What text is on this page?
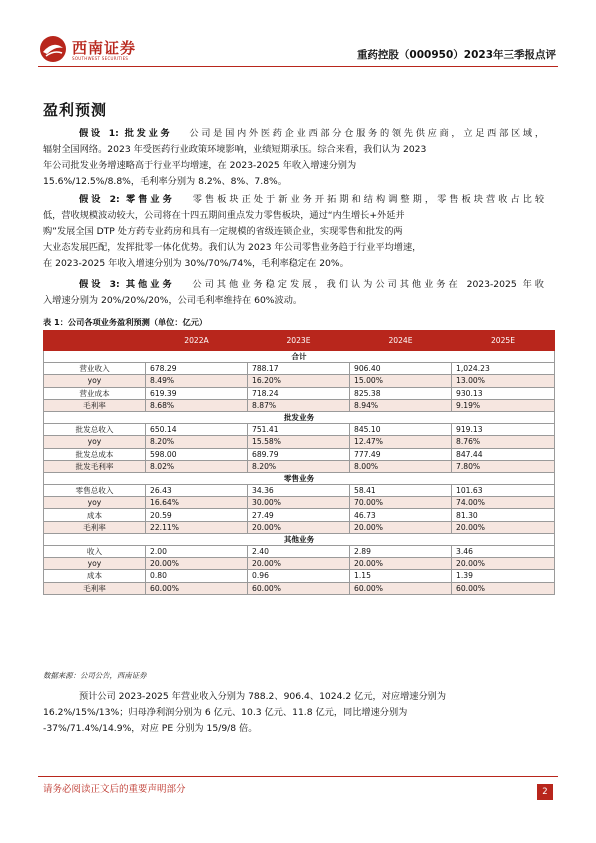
西南证券
SOUTHWEST SECURITIES	重药控股（000950）2023年三季报点评
盈利预测
假设 1: 批发业务 公司是国内外医药企业西部分仓服务的领先供应商，立足西部区域，
辐射全国网络。2023 年受医药行业政策环境影响，业绩短期承压。综合来看，我们认为 2023
年公司批发业务增速略高于行业平均增速，在 2023-2025 年收入增速分别为
15.6%/12.5%/8.8%，毛利率分别为 8.2%、8%、7.8%。
假设 2: 零售业务 零售板块正处于新业务开拓期和结构调整期，零售板块营收占比较
低，营收规模波动较大，公司将在十四五期间重点发力零售板块，通过“内生增长+外延并
购”发展全国 DTP 处方药专业药房和具有一定规模的省级连锁企业，实现零售和批发的两
大业态发展匹配，发挥批零一体化优势。我们认为 2023 年公司零售业务趋于行业平均增速，
在 2023-2025 年收入增速分别为 30%/70%/74%，毛利率稳定在 20%。
假设 3: 其他业务 公司其他业务稳定发展，我们认为公司其他业务在 2023-2025 年收
入增速分别为 20%/20%/20%，公司毛利率维持在 60%波动。
表 1：公司各项业务盈利预测（单位：亿元）
	2022A	2023E	2024E	2025E
合计				
营业收入	678.29	788.17	906.40	1,024.23
yoy	8.49%	16.20%	15.00%	13.00%
营业成本	619.39	718.24	825.38	930.13
毛利率	8.68%	8.87%	8.94%	9.19%
批发业务				
批发总收入	650.14	751.41	845.10	919.13
yoy	8.20%	15.58%	12.47%	8.76%
批发总成本	598.00	689.79	777.49	847.44
批发毛利率	8.02%	8.20%	8.00%	7.80%
零售业务				
零售总收入	26.43	34.36	58.41	101.63
yoy	16.64%	30.00%	70.00%	74.00%
成本	20.59	27.49	46.73	81.30
毛利率	22.11%	20.00%	20.00%	20.00%
其他业务				
收入	2.00	2.40	2.89	3.46
yoy	20.00%	20.00%	20.00%	20.00%
成本	0.80	0.96	1.15	1.39
毛利率	60.00%	60.00%	60.00%	60.00%
数据来源：公司公告，西南证券
预计公司 2023-2025 年营业收入分别为 788.2、906.4、1024.2 亿元，对应增速分别为
16.2%/15%/13%；归母净利润分别为 6 亿元、10.3 亿元、11.8 亿元，同比增速分别为
-37%/71.4%/14.9%，对应 PE 分别为 15/9/8 倍。
请务必阅读正文后的重要声明部分	2
